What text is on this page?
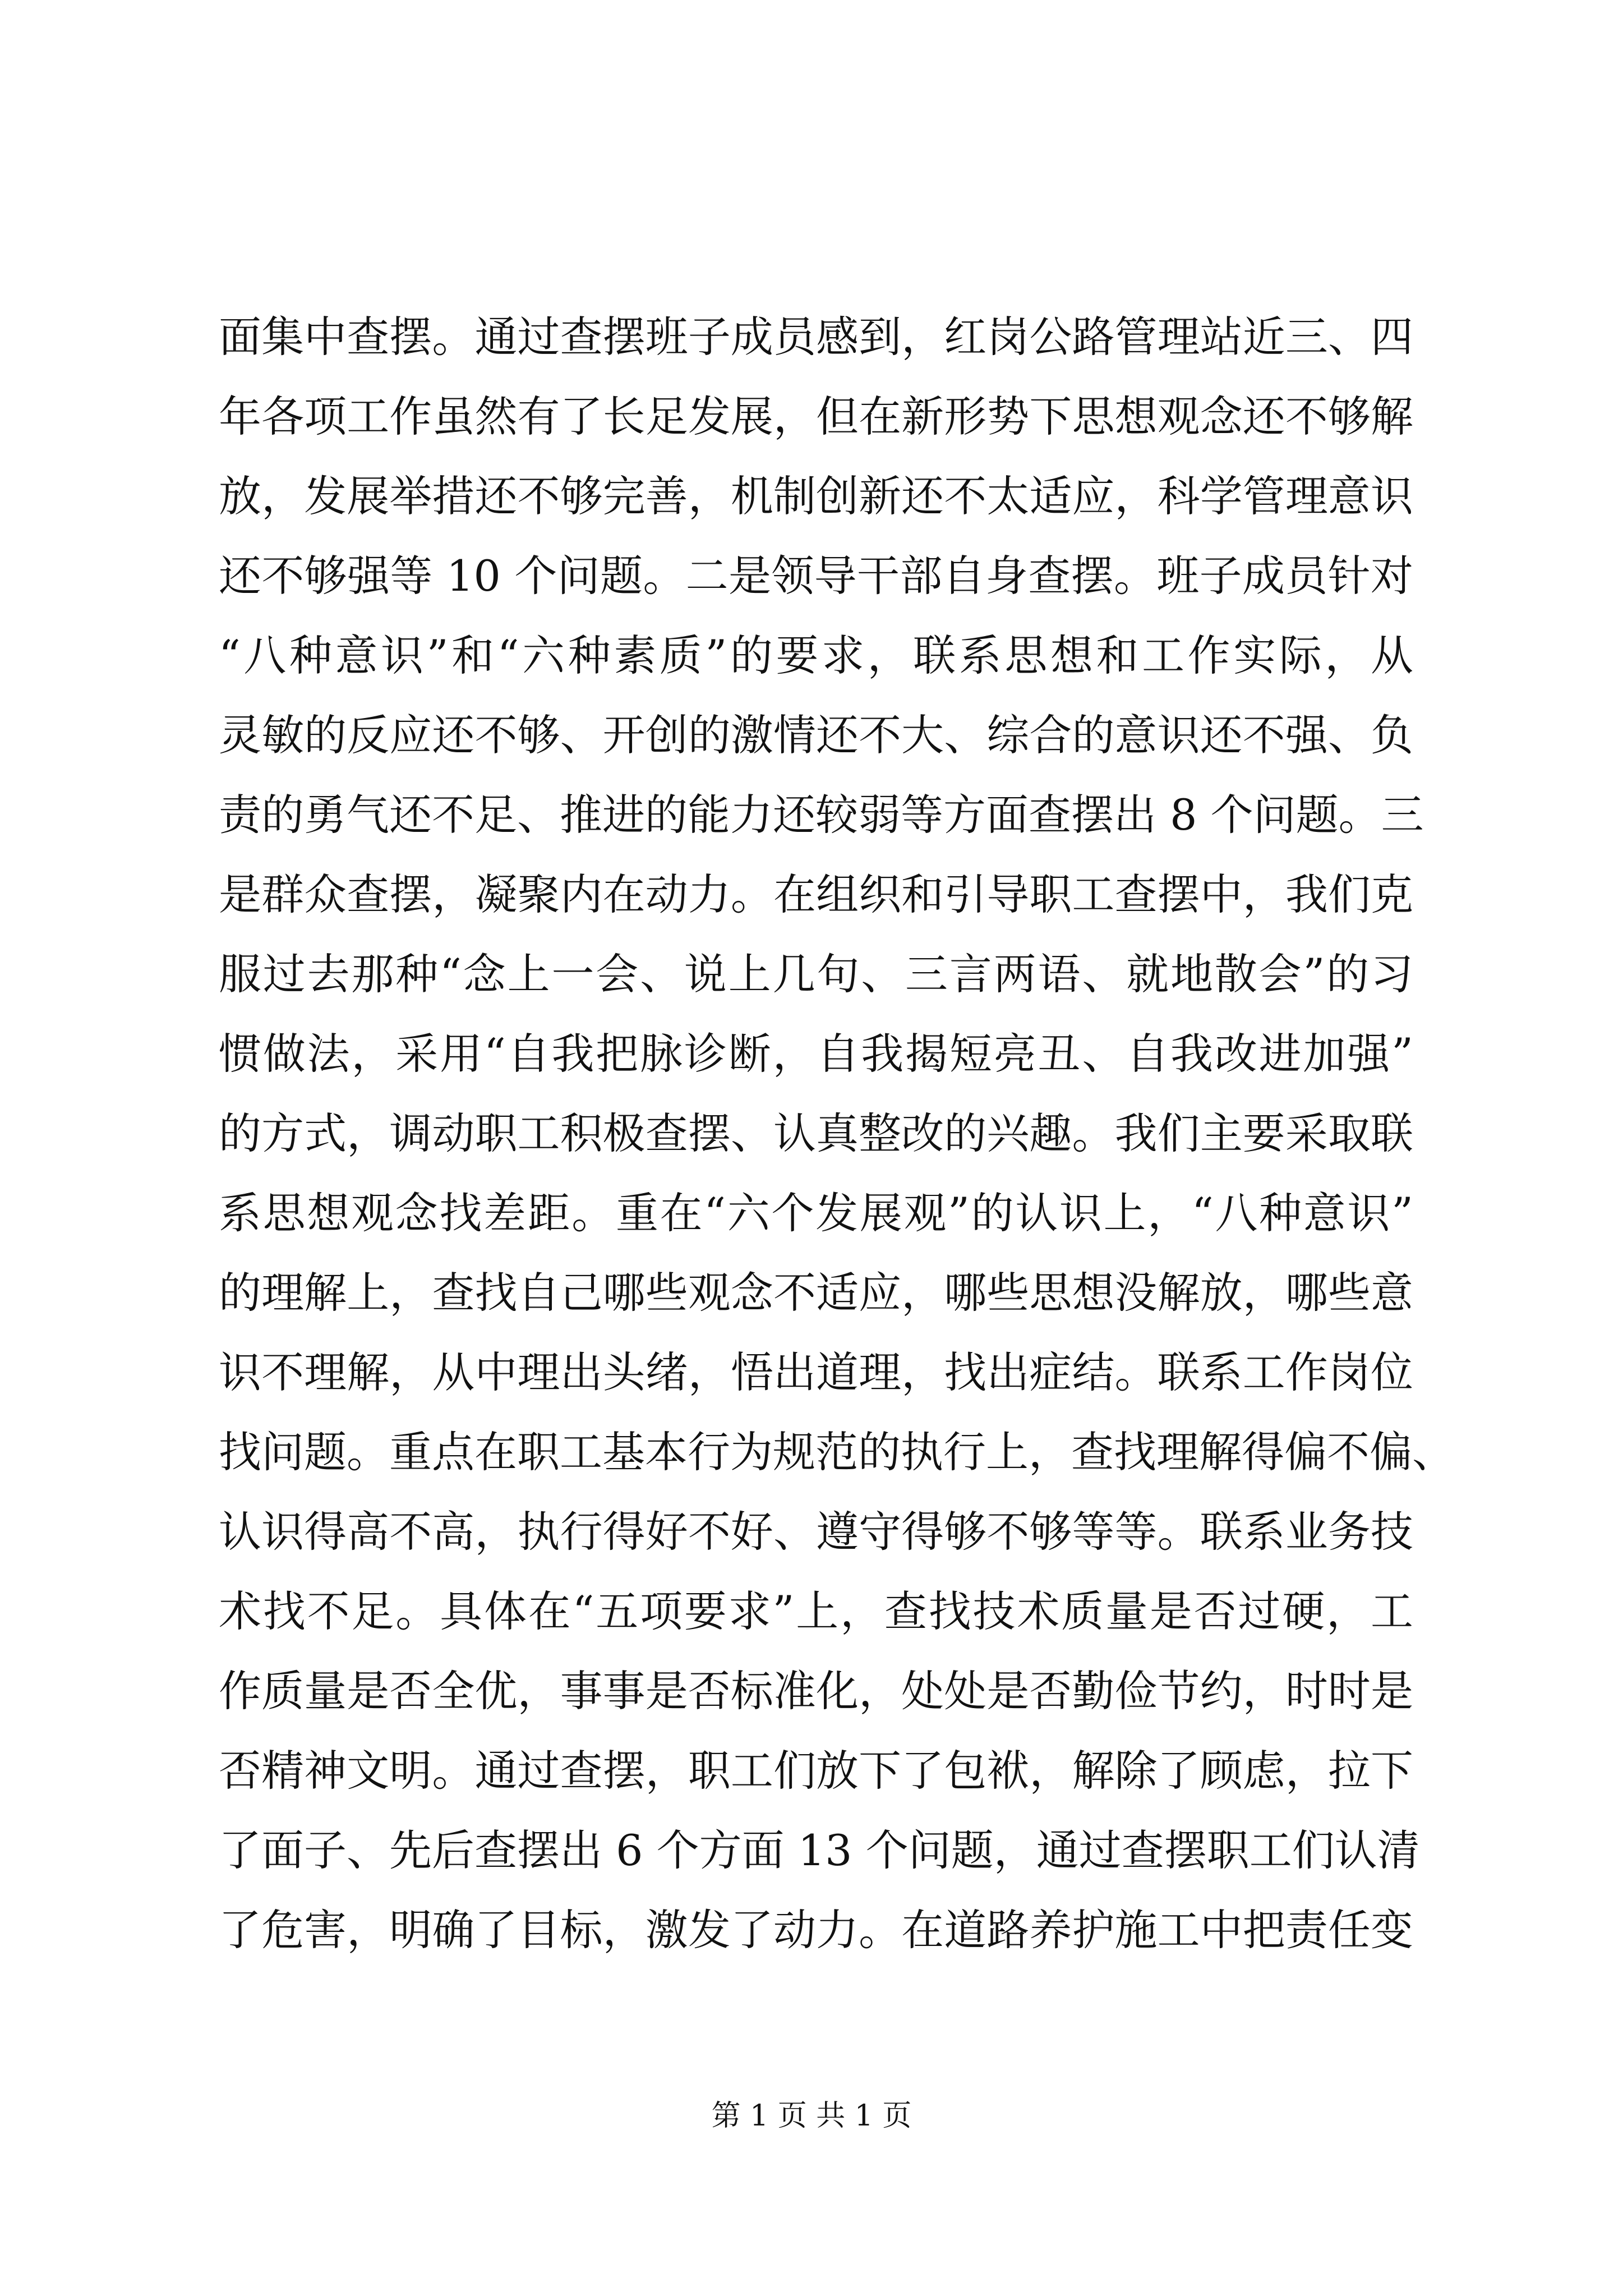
面集中查摆。通过查摆班子成员感到，红岗公路管理站近三、四
年各项工作虽然有了长足发展，但在新形势下思想观念还不够解
放，发展举措还不够完善，机制创新还不太适应，科学管理意识
还不够强等 10 个问题。二是领导干部自身查摆。班子成员针对
“八种意识”和“六种素质”的要求，联系思想和工作实际，从
灵敏的反应还不够、开创的激情还不大、综合的意识还不强、负
责的勇气还不足、推进的能力还较弱等方面查摆出 8 个问题。三
是群众查摆，凝聚内在动力。在组织和引导职工查摆中，我们克
服过去那种“念上一会、说上几句、三言两语、就地散会”的习
惯做法，采用“自我把脉诊断，自我揭短亮丑、自我改进加强”
的方式，调动职工积极查摆、认真整改的兴趣。我们主要采取联
系思想观念找差距。重在“六个发展观”的认识上，“八种意识”
的理解上，查找自己哪些观念不适应，哪些思想没解放，哪些意
识不理解，从中理出头绪，悟出道理，找出症结。联系工作岗位
找问题。重点在职工基本行为规范的执行上，查找理解得偏不偏、
认识得高不高，执行得好不好、遵守得够不够等等。联系业务技
术找不足。具体在“五项要求”上，查找技术质量是否过硬，工
作质量是否全优，事事是否标准化，处处是否勤俭节约，时时是
否精神文明。通过查摆，职工们放下了包袱，解除了顾虑，拉下
了面子、先后查摆出 6 个方面 13 个问题，通过查摆职工们认清
了危害，明确了目标，激发了动力。在道路养护施工中把责任变
第 1 页 共 1 页
